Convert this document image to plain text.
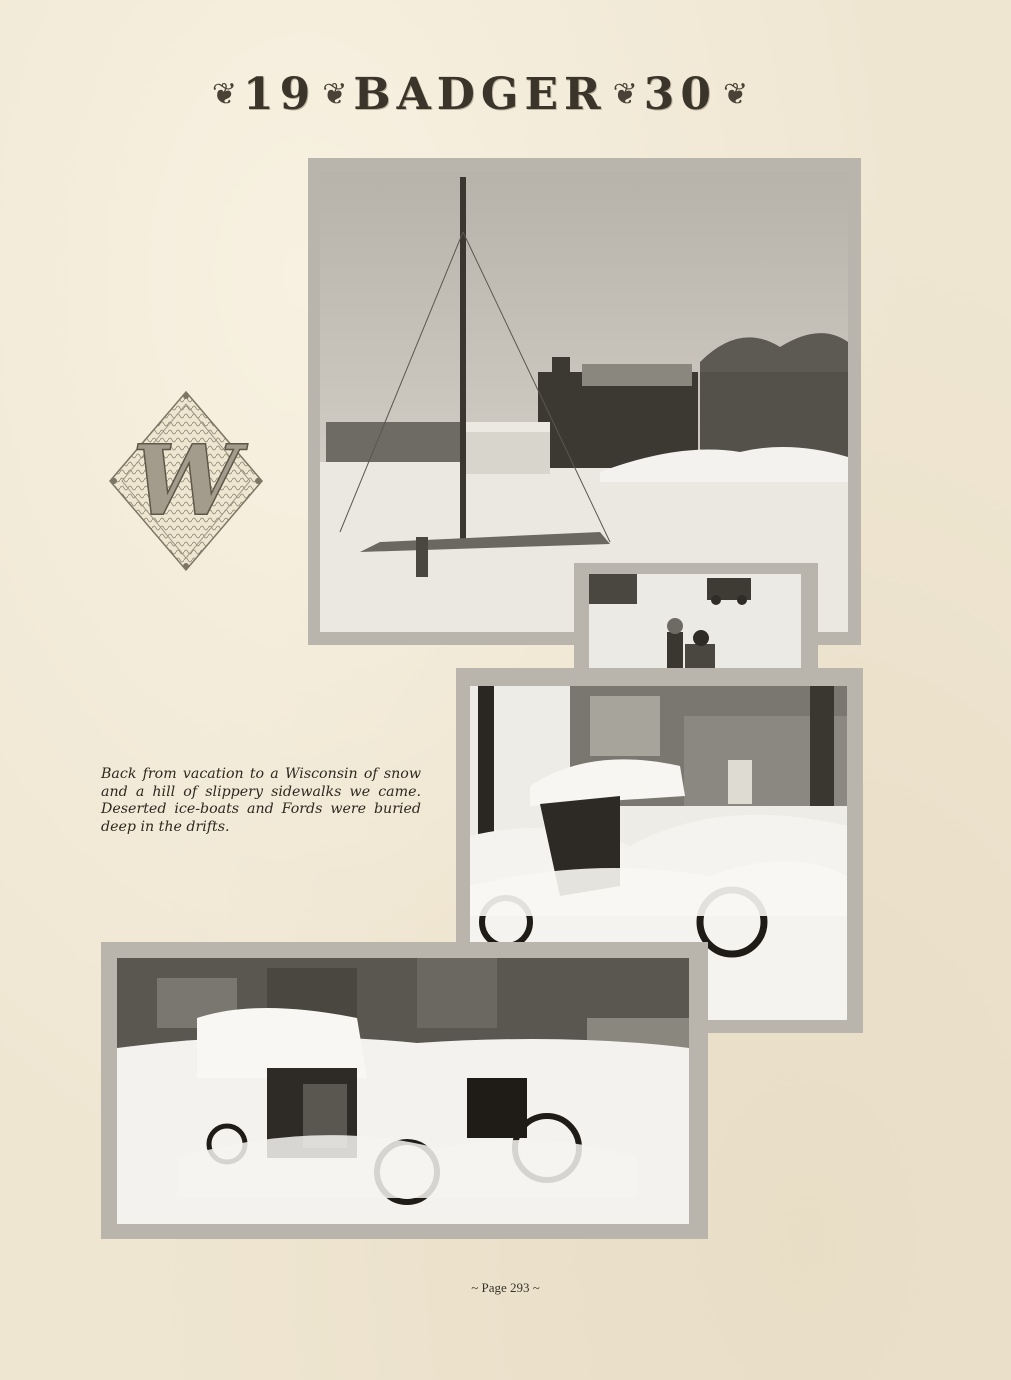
❦ 19 ❦ BADGER ❦ 30 ❦
W
Back from vacation to a Wisconsin of snow and a hill of slippery sidewalks we came. Deserted ice-boats and Fords were buried deep in the drifts.
~ Page 293 ~
